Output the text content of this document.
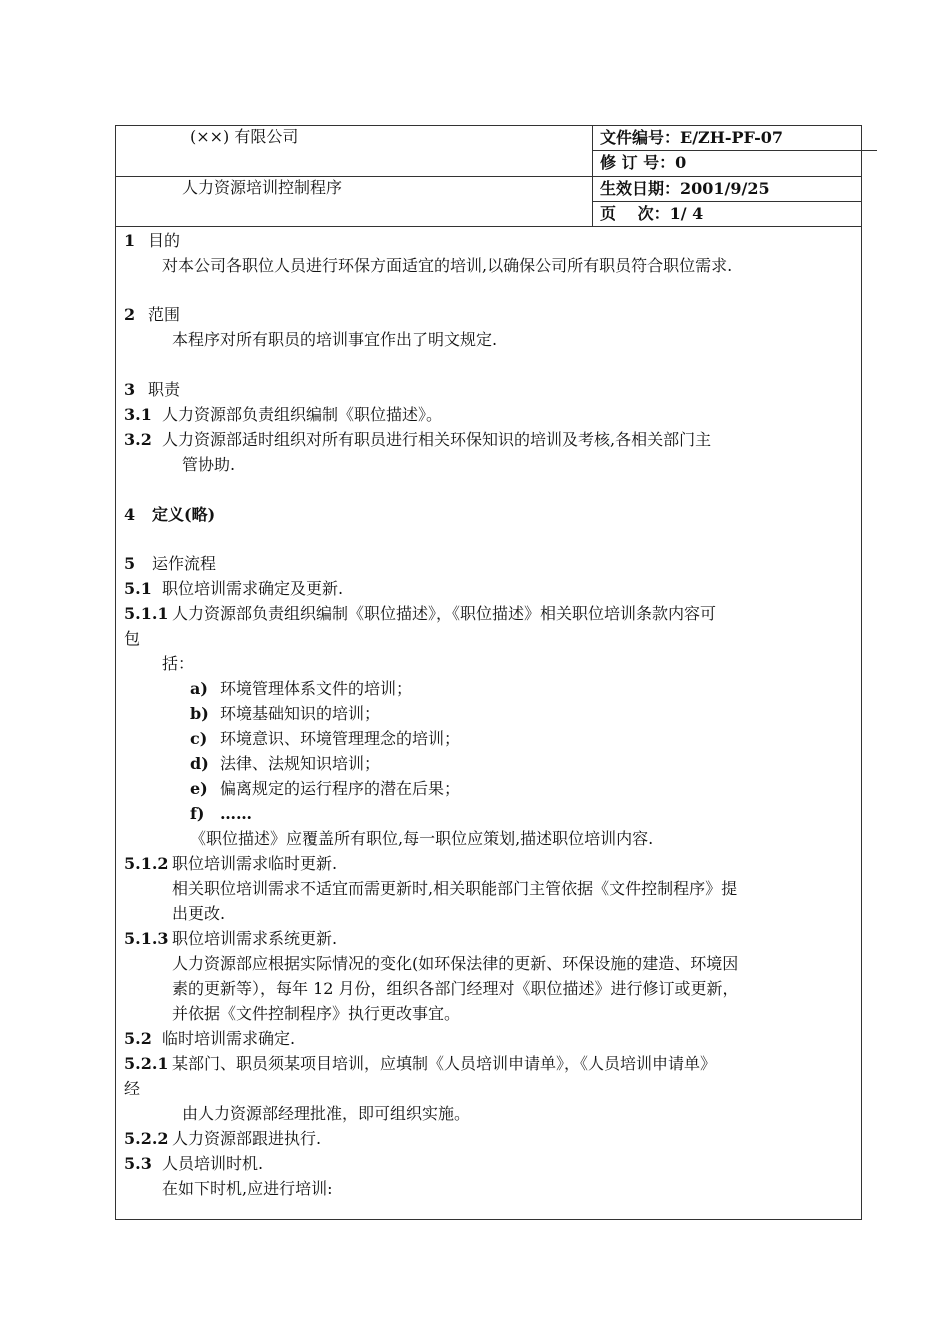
(××) 有限公司	文件编号：E/ZH-PF-07
修 订 号：0
人力资源培训控制程序	生效日期：2001/9/25
页　 次：1/ 4
1 目的
对本公司各职位人员进行环保方面适宜的培训,以确保公司所有职员符合职位需求.
2 范围
本程序对所有职员的培训事宜作出了明文规定.
3 职责
3.1 人力资源部负责组织编制《职位描述》。
3.2 人力资源部适时组织对所有职员进行相关环保知识的培训及考核,各相关部门主
管协助.
4 定义(略)
5 运作流程
5.1 职位培训需求确定及更新.
5.1.1 人力资源部负责组织编制《职位描述》，《职位描述》相关职位培训条款内容可
包
括：
a) 环境管理体系文件的培训；
b) 环境基础知识的培训；
c) 环境意识、环境管理理念的培训；
d) 法律、法规知识培训；
e) 偏离规定的运行程序的潜在后果；
f) ……
《职位描述》应覆盖所有职位,每一职位应策划,描述职位培训内容.
5.1.2 职位培训需求临时更新.
相关职位培训需求不适宜而需更新时,相关职能部门主管依据《文件控制程序》提
出更改.
5.1.3 职位培训需求系统更新.
人力资源部应根据实际情况的变化(如环保法律的更新、环保设施的建造、环境因
素的更新等），每年 12 月份，组织各部门经理对《职位描述》进行修订或更新，
并依据《文件控制程序》执行更改事宜。
5.2 临时培训需求确定.
5.2.1 某部门、职员须某项目培训，应填制《人员培训申请单》，《人员培训申请单》
经
由人力资源部经理批准，即可组织实施。
5.2.2 人力资源部跟进执行.
5.3 人员培训时机.
在如下时机,应进行培训:
